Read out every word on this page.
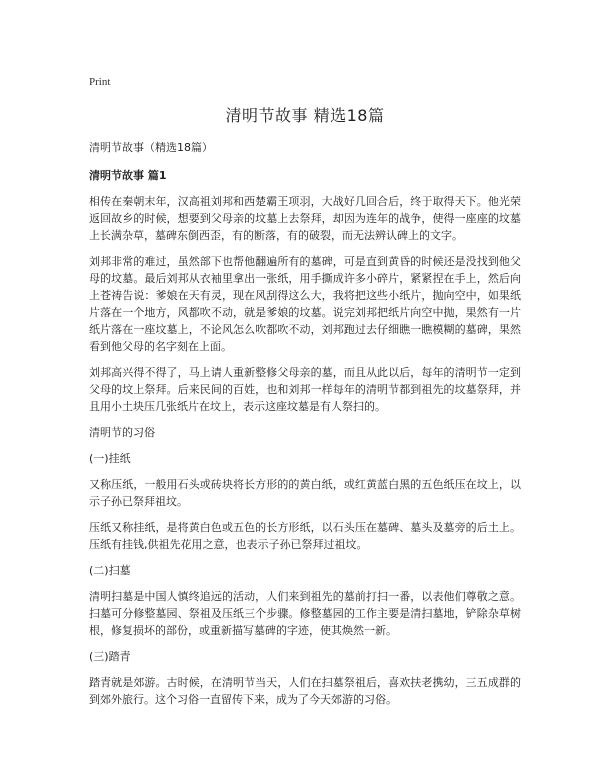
Print
清明节故事 精选18篇

清明节故事（精选18篇）

清明节故事 篇1

相传在秦朝末年，汉高祖刘邦和西楚霸王项羽，大战好几回合后，终于取得天下。他光荣返回故乡的时候，想要到父母亲的坟墓上去祭拜，却因为连年的战争，使得一座座的坟墓上长满杂草，墓碑东倒西歪，有的断落，有的破裂，而无法辨认碑上的文字。

刘邦非常的难过，虽然部下也帮他翻遍所有的墓碑，可是直到黄昏的时候还是没找到他父母的坟墓。最后刘邦从衣袖里拿出一张纸，用手撕成许多小碎片，紧紧捏在手上，然后向上苍祷告说：爹娘在天有灵，现在风刮得这么大，我将把这些小纸片，抛向空中，如果纸片落在一个地方，风都吹不动，就是爹娘的坟墓。说完刘邦把纸片向空中抛，果然有一片纸片落在一座坟墓上，不论风怎么吹都吹不动，刘邦跑过去仔细瞧一瞧模糊的墓碑，果然看到他父母的名字刻在上面。

刘邦高兴得不得了，马上请人重新整修父母亲的墓，而且从此以后，每年的清明节一定到父母的坟上祭拜。后来民间的百姓，也和刘邦一样每年的清明节都到祖先的坟墓祭拜，并且用小土块压几张纸片在坟上，表示这座坟墓是有人祭扫的。

清明节的习俗

(一)挂纸

又称压纸，一般用石头或砖块将长方形的的黄白纸，或红黄蓝白黑的五色纸压在坟上，以示子孙已祭拜祖坟。

压纸又称挂纸，是将黄白色或五色的长方形纸，以石头压在墓碑、墓头及墓旁的后土上。压纸有挂钱,供祖先花用之意，也表示子孙已祭拜过祖坟。

(二)扫墓

清明扫墓是中国人慎终追远的活动，人们来到祖先的墓前打扫一番，以表他们尊敬之意。扫墓可分修整墓园、祭祖及压纸三个步骤。修整墓园的工作主要是清扫墓地，铲除杂草树根，修复损坏的部份，或重新描写墓碑的字迹，使其焕然一新。

(三)踏青

踏青就是郊游。古时候，在清明节当天，人们在扫墓祭祖后，喜欢扶老携幼，三五成群的到郊外旅行。这个习俗一直留传下来，成为了今天郊游的习俗。
